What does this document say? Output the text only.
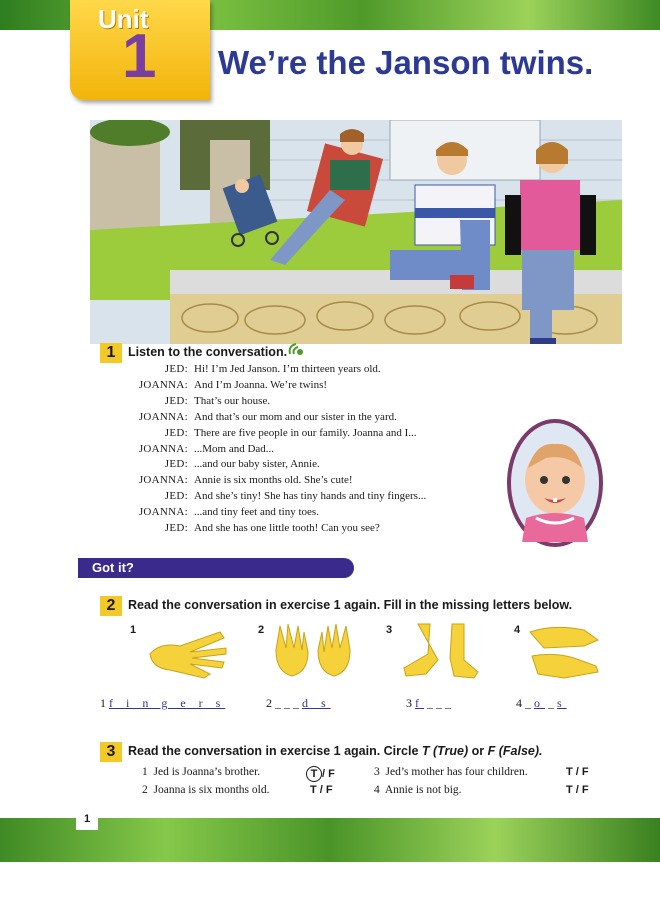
Unit
1 We’re the Janson twins.
1	Listen to the conversation.
JED: Hi! I’m Jed Janson. I’m thirteen years old.
JOANNA: And I’m Joanna. We’re twins!
JED: That’s our house.
JOANNA: And that’s our mom and our sister in the yard.
JED: There are five people in our family. Joanna and I...
JOANNA: ...Mom and Dad...
JED: ...and our baby sister, Annie.
JOANNA: Annie is six months old. She’s cute!
JED: And she’s tiny! She has tiny hands and tiny fingers...
JOANNA: ...and tiny feet and tiny toes.
JED: And she has one little tooth! Can you see?
Got it?
2	Read the conversation in exercise 1 again. Fill in the missing letters below.
1	2	3	4
1 f i n g e r s	2 _ _ _ d s	3 f _ _ _	4 _ o _ s
3	Read the conversation in exercise 1 again. Circle T (True) or F (False).
1 Jed is Joanna’s brother.	T / F
2 Joanna is six months old.	T / F
3 Jed’s mother has four children.	T / F
4 Annie is not big.	T / F
1
